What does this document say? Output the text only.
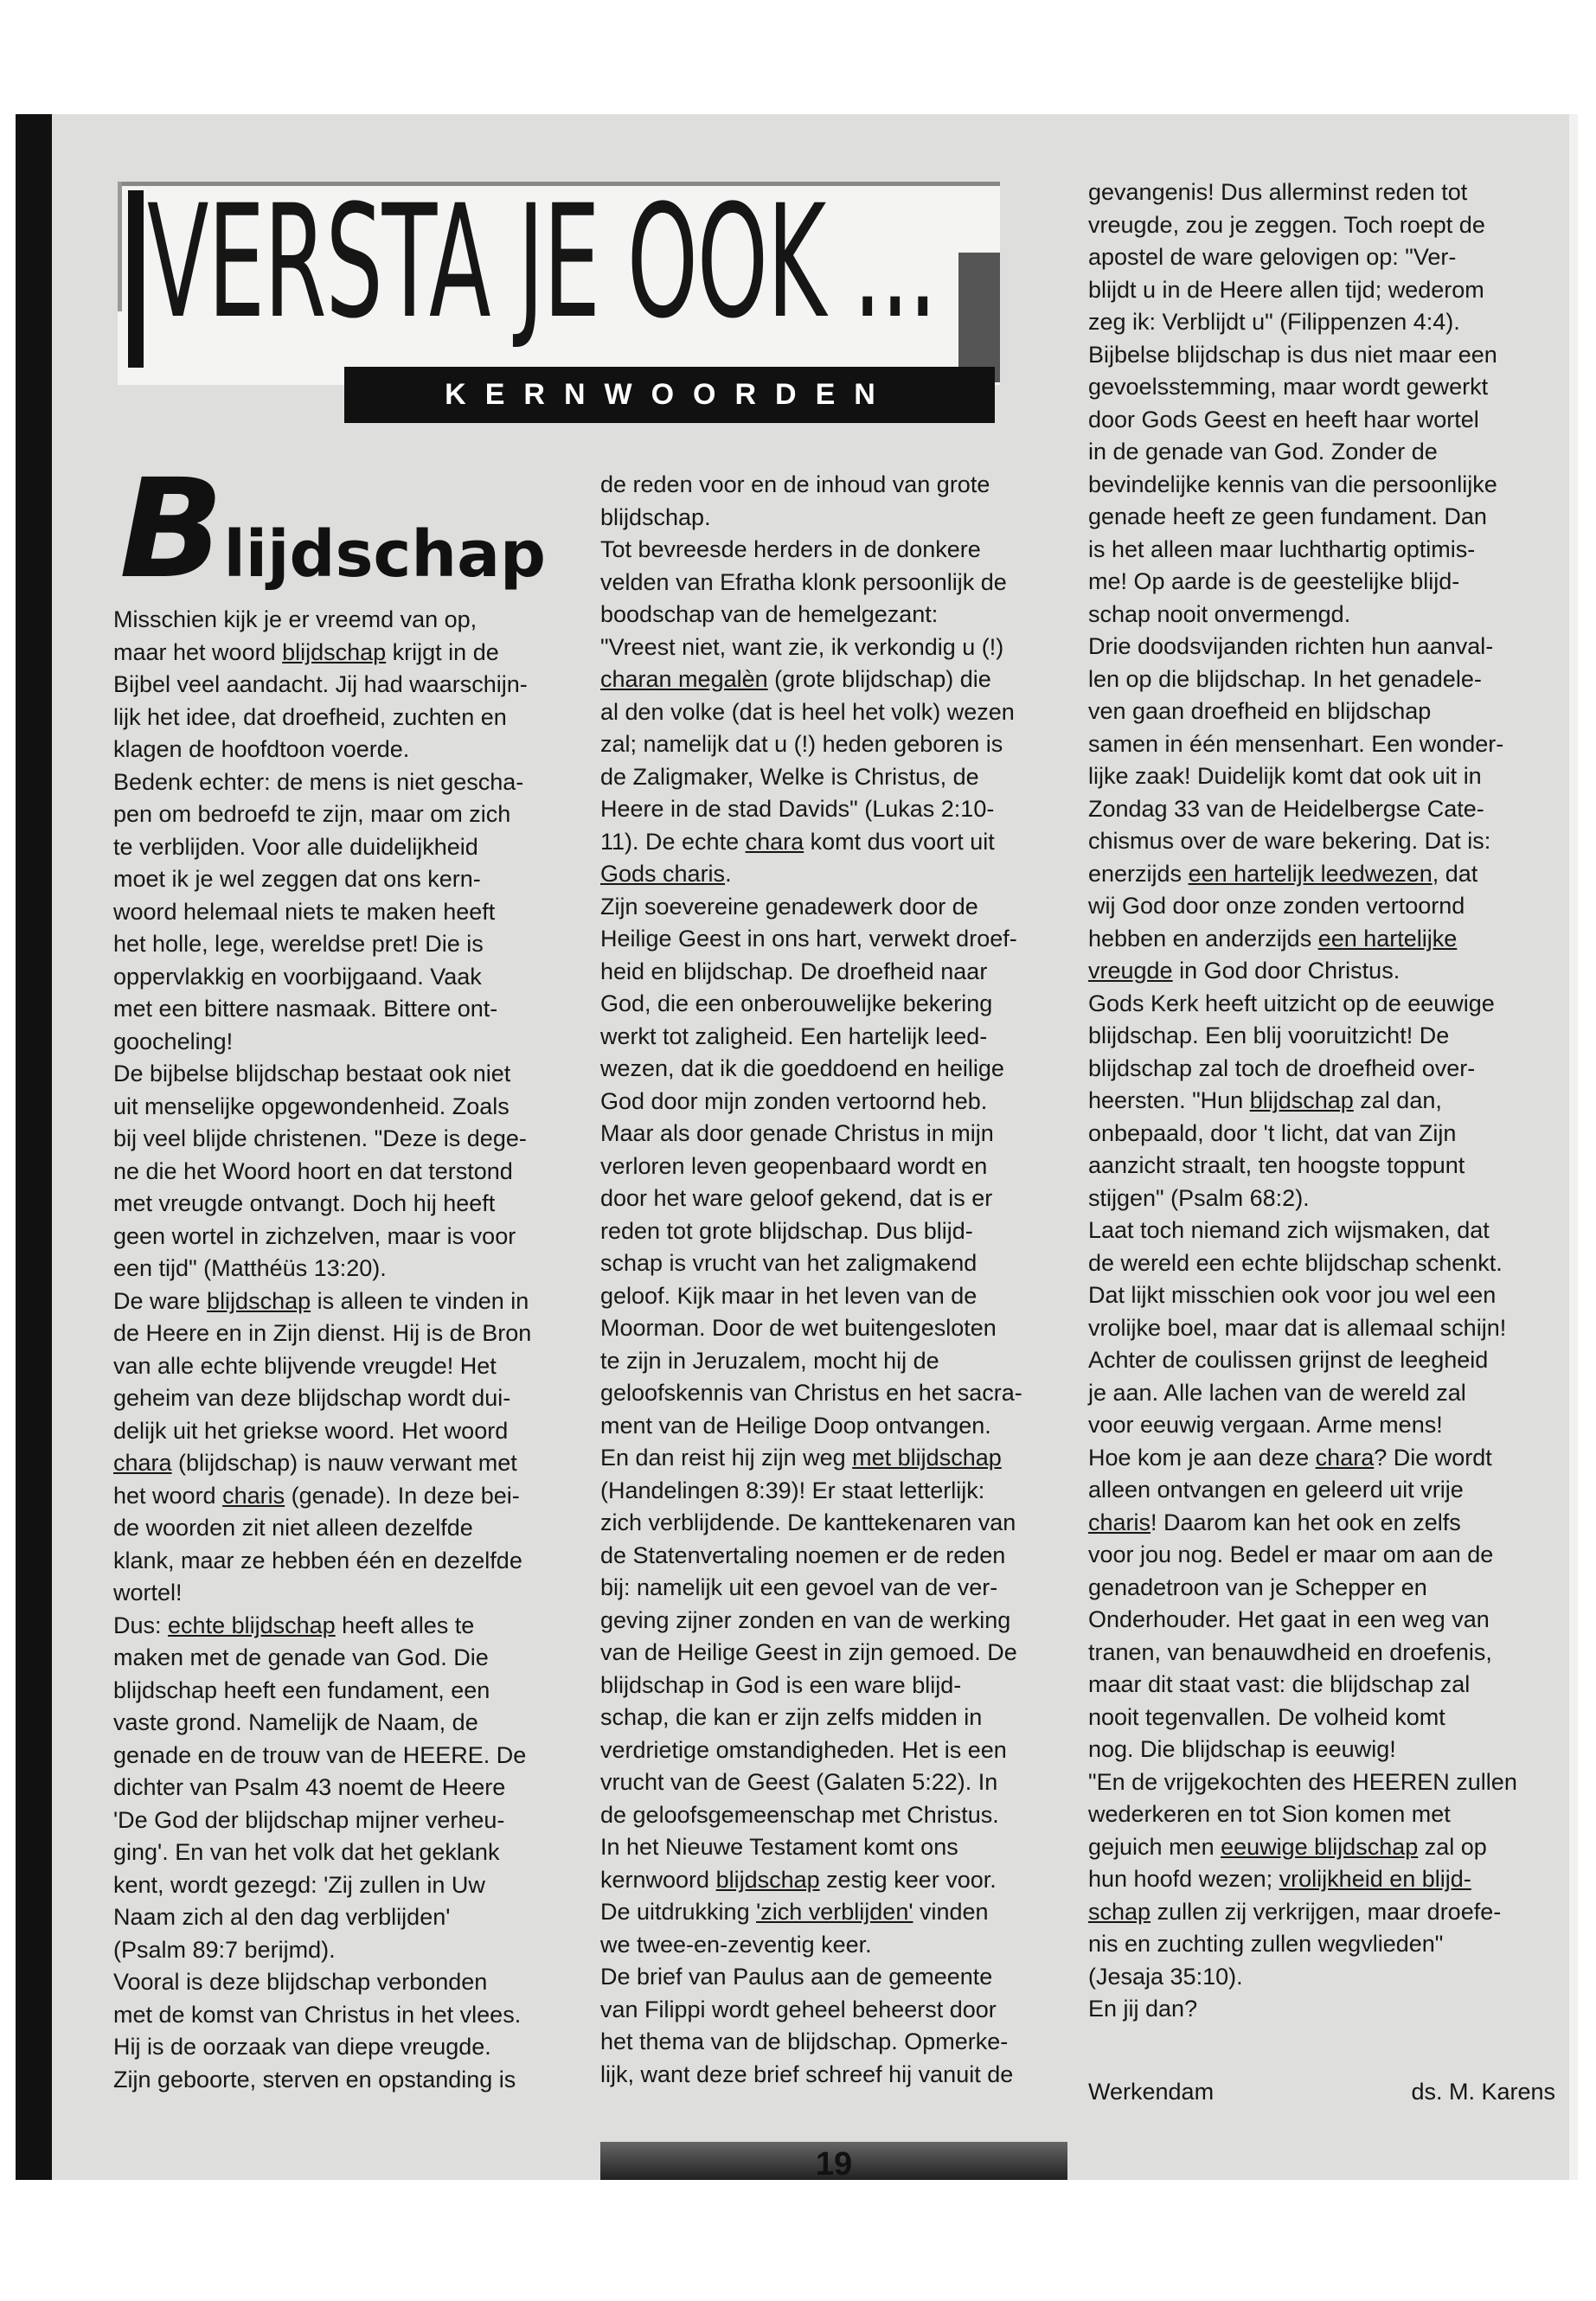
VERSTA JE OOK ...
KERNWOORDEN
Blijdschap

Misschien kijk je er vreemd van op,

maar het woord blijdschap krijgt in de

Bijbel veel aandacht. Jij had waarschijn-

lijk het idee, dat droefheid, zuchten en

klagen de hoofdtoon voerde.

Bedenk echter: de mens is niet gescha-

pen om bedroefd te zijn, maar om zich

te verblijden. Voor alle duidelijkheid

moet ik je wel zeggen dat ons kern-

woord helemaal niets te maken heeft

het holle, lege, wereldse pret! Die is

oppervlakkig en voorbijgaand. Vaak

met een bittere nasmaak. Bittere ont-

goocheling!

De bijbelse blijdschap bestaat ook niet

uit menselijke opgewondenheid. Zoals

bij veel blijde christenen. "Deze is dege-

ne die het Woord hoort en dat terstond

met vreugde ontvangt. Doch hij heeft

geen wortel in zichzelven, maar is voor

een tijd" (Matthéüs 13:20).

De ware blijdschap is alleen te vinden in

de Heere en in Zijn dienst. Hij is de Bron

van alle echte blijvende vreugde! Het

geheim van deze blijdschap wordt dui-

delijk uit het griekse woord. Het woord

chara (blijdschap) is nauw verwant met

het woord charis (genade). In deze bei-

de woorden zit niet alleen dezelfde

klank, maar ze hebben één en dezelfde

wortel!

Dus: echte blijdschap heeft alles te

maken met de genade van God. Die

blijdschap heeft een fundament, een

vaste grond. Namelijk de Naam, de

genade en de trouw van de HEERE. De

dichter van Psalm 43 noemt de Heere

'De God der blijdschap mijner verheu-

ging'. En van het volk dat het geklank

kent, wordt gezegd: 'Zij zullen in Uw

Naam zich al den dag verblijden'

(Psalm 89:7 berijmd).

Vooral is deze blijdschap verbonden

met de komst van Christus in het vlees.

Hij is de oorzaak van diepe vreugde.

Zijn geboorte, sterven en opstanding is

de reden voor en de inhoud van grote

blijdschap.

Tot bevreesde herders in de donkere

velden van Efratha klonk persoonlijk de

boodschap van de hemelgezant:

"Vreest niet, want zie, ik verkondig u (!)

charan megalèn (grote blijdschap) die

al den volke (dat is heel het volk) wezen

zal; namelijk dat u (!) heden geboren is

de Zaligmaker, Welke is Christus, de

Heere in de stad Davids" (Lukas 2:10-

11). De echte chara komt dus voort uit

Gods charis.

Zijn soevereine genadewerk door de

Heilige Geest in ons hart, verwekt droef-

heid en blijdschap. De droefheid naar

God, die een onberouwelijke bekering

werkt tot zaligheid. Een hartelijk leed-

wezen, dat ik die goeddoend en heilige

God door mijn zonden vertoornd heb.

Maar als door genade Christus in mijn

verloren leven geopenbaard wordt en

door het ware geloof gekend, dat is er

reden tot grote blijdschap. Dus blijd-

schap is vrucht van het zaligmakend

geloof. Kijk maar in het leven van de

Moorman. Door de wet buitengesloten

te zijn in Jeruzalem, mocht hij de

geloofskennis van Christus en het sacra-

ment van de Heilige Doop ontvangen.

En dan reist hij zijn weg met blijdschap

(Handelingen 8:39)! Er staat letterlijk:

zich verblijdende. De kanttekenaren van

de Statenvertaling noemen er de reden

bij: namelijk uit een gevoel van de ver-

geving zijner zonden en van de werking

van de Heilige Geest in zijn gemoed. De

blijdschap in God is een ware blijd-

schap, die kan er zijn zelfs midden in

verdrietige omstandigheden. Het is een

vrucht van de Geest (Galaten 5:22). In

de geloofsgemeenschap met Christus.

In het Nieuwe Testament komt ons

kernwoord blijdschap zestig keer voor.

De uitdrukking 'zich verblijden' vinden

we twee-en-zeventig keer.

De brief van Paulus aan de gemeente

van Filippi wordt geheel beheerst door

het thema van de blijdschap. Opmerke-

lijk, want deze brief schreef hij vanuit de

gevangenis! Dus allerminst reden tot

vreugde, zou je zeggen. Toch roept de

apostel de ware gelovigen op: "Ver-

blijdt u in de Heere allen tijd; wederom

zeg ik: Verblijdt u" (Filippenzen 4:4).

Bijbelse blijdschap is dus niet maar een

gevoelsstemming, maar wordt gewerkt

door Gods Geest en heeft haar wortel

in de genade van God. Zonder de

bevindelijke kennis van die persoonlijke

genade heeft ze geen fundament. Dan

is het alleen maar luchthartig optimis-

me! Op aarde is de geestelijke blijd-

schap nooit onvermengd.

Drie doodsvijanden richten hun aanval-

len op die blijdschap. In het genadele-

ven gaan droefheid en blijdschap

samen in één mensenhart. Een wonder-

lijke zaak! Duidelijk komt dat ook uit in

Zondag 33 van de Heidelbergse Cate-

chismus over de ware bekering. Dat is:

enerzijds een hartelijk leedwezen, dat

wij God door onze zonden vertoornd

hebben en anderzijds een hartelijke

vreugde in God door Christus.

Gods Kerk heeft uitzicht op de eeuwige

blijdschap. Een blij vooruitzicht! De

blijdschap zal toch de droefheid over-

heersten. "Hun blijdschap zal dan,

onbepaald, door 't licht, dat van Zijn

aanzicht straalt, ten hoogste toppunt

stijgen" (Psalm 68:2).

Laat toch niemand zich wijsmaken, dat

de wereld een echte blijdschap schenkt.

Dat lijkt misschien ook voor jou wel een

vrolijke boel, maar dat is allemaal schijn!

Achter de coulissen grijnst de leegheid

je aan. Alle lachen van de wereld zal

voor eeuwig vergaan. Arme mens!

Hoe kom je aan deze chara? Die wordt

alleen ontvangen en geleerd uit vrije

charis! Daarom kan het ook en zelfs

voor jou nog. Bedel er maar om aan de

genadetroon van je Schepper en

Onderhouder. Het gaat in een weg van

tranen, van benauwdheid en droefenis,

maar dit staat vast: die blijdschap zal

nooit tegenvallen. De volheid komt

nog. Die blijdschap is eeuwig!

"En de vrijgekochten des HEEREN zullen

wederkeren en tot Sion komen met

gejuich men eeuwige blijdschap zal op

hun hoofd wezen; vrolijkheid en blijd-

schap zullen zij verkrijgen, maar droefe-

nis en zuchting zullen wegvlieden"

(Jesaja 35:10).

En jij dan?

Werkendam	ds. M. Karens
19
